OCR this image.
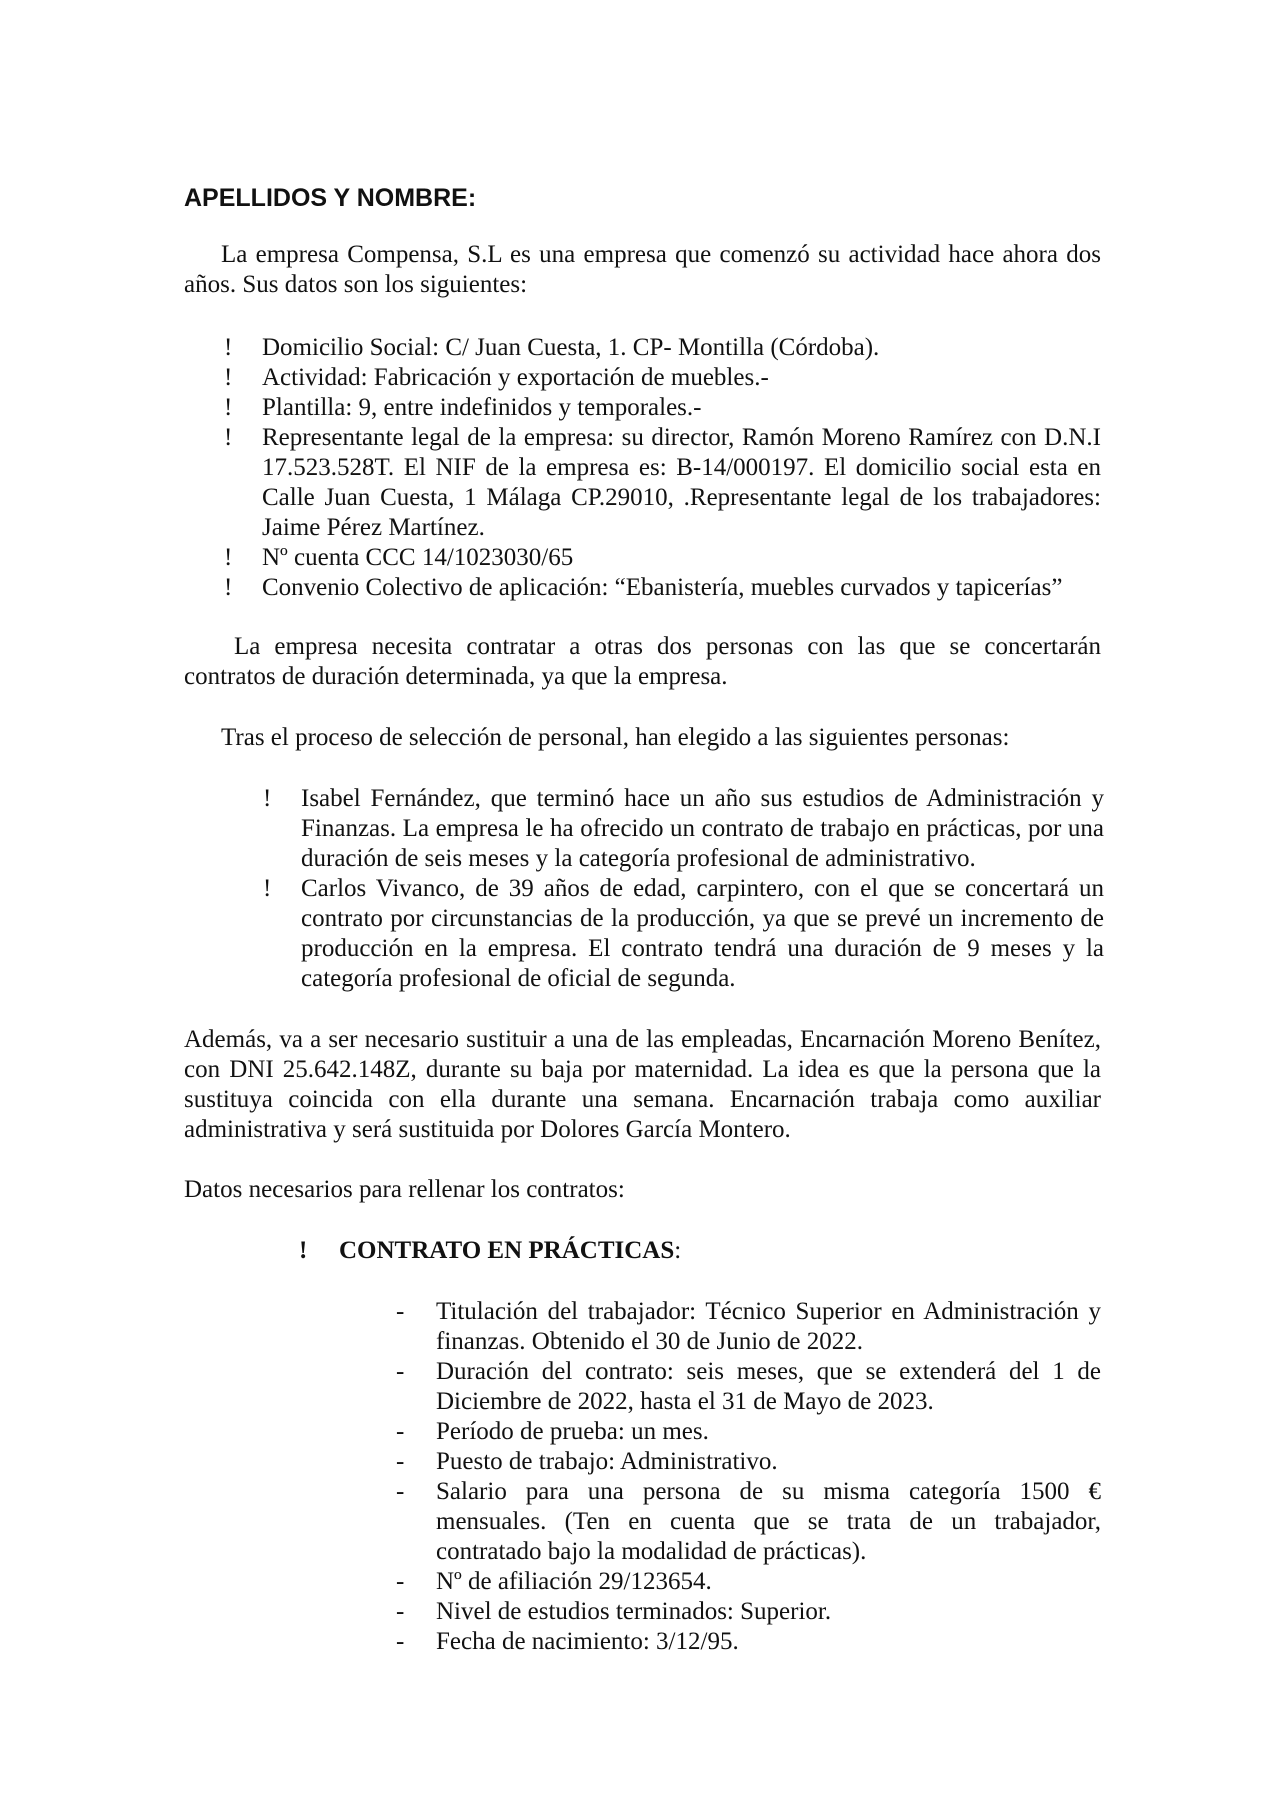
APELLIDOS Y NOMBRE:

La empresa Compensa, S.L es una empresa que comenzó su actividad hace ahora dos años. Sus datos son los siguientes:

! Domicilio Social: C/ Juan Cuesta, 1. CP- Montilla (Córdoba).
! Actividad: Fabricación y exportación de muebles.-
! Plantilla: 9, entre indefinidos y temporales.-
! Representante legal de la empresa: su director, Ramón Moreno Ramírez con D.N.I 17.523.528T. El NIF de la empresa es: B-14/000197. El domicilio social esta en Calle Juan Cuesta, 1 Málaga CP.29010, .Representante legal de los trabajadores: Jaime Pérez Martínez.
! Nº cuenta CCC 14/1023030/65
! Convenio Colectivo de aplicación: “Ebanistería, muebles curvados y tapicerías”

La empresa necesita contratar a otras dos personas con las que se concertarán contratos de duración determinada, ya que la empresa.

Tras el proceso de selección de personal, han elegido a las siguientes personas:

! Isabel Fernández, que terminó hace un año sus estudios de Administración y Finanzas. La empresa le ha ofrecido un contrato de trabajo en prácticas, por una duración de seis meses y la categoría profesional de administrativo.
! Carlos Vivanco, de 39 años de edad, carpintero, con el que se concertará un contrato por circunstancias de la producción, ya que se prevé un incremento de producción en la empresa. El contrato tendrá una duración de 9 meses y la categoría profesional de oficial de segunda.

Además, va a ser necesario sustituir a una de las empleadas, Encarnación Moreno Benítez, con DNI 25.642.148Z, durante su baja por maternidad. La idea es que la persona que la sustituya coincida con ella durante una semana. Encarnación trabaja como auxiliar administrativa y será sustituida por Dolores García Montero.

Datos necesarios para rellenar los contratos:

! CONTRATO EN PRÁCTICAS:
- Titulación del trabajador: Técnico Superior en Administración y finanzas. Obtenido el 30 de Junio de 2022.
- Duración del contrato: seis meses, que se extenderá del 1 de Diciembre de 2022, hasta el 31 de Mayo de 2023.
- Período de prueba: un mes.
- Puesto de trabajo: Administrativo.
- Salario para una persona de su misma categoría 1500 € mensuales. (Ten en cuenta que se trata de un trabajador, contratado bajo la modalidad de prácticas).
- Nº de afiliación 29/123654.
- Nivel de estudios terminados: Superior.
- Fecha de nacimiento: 3/12/95.
